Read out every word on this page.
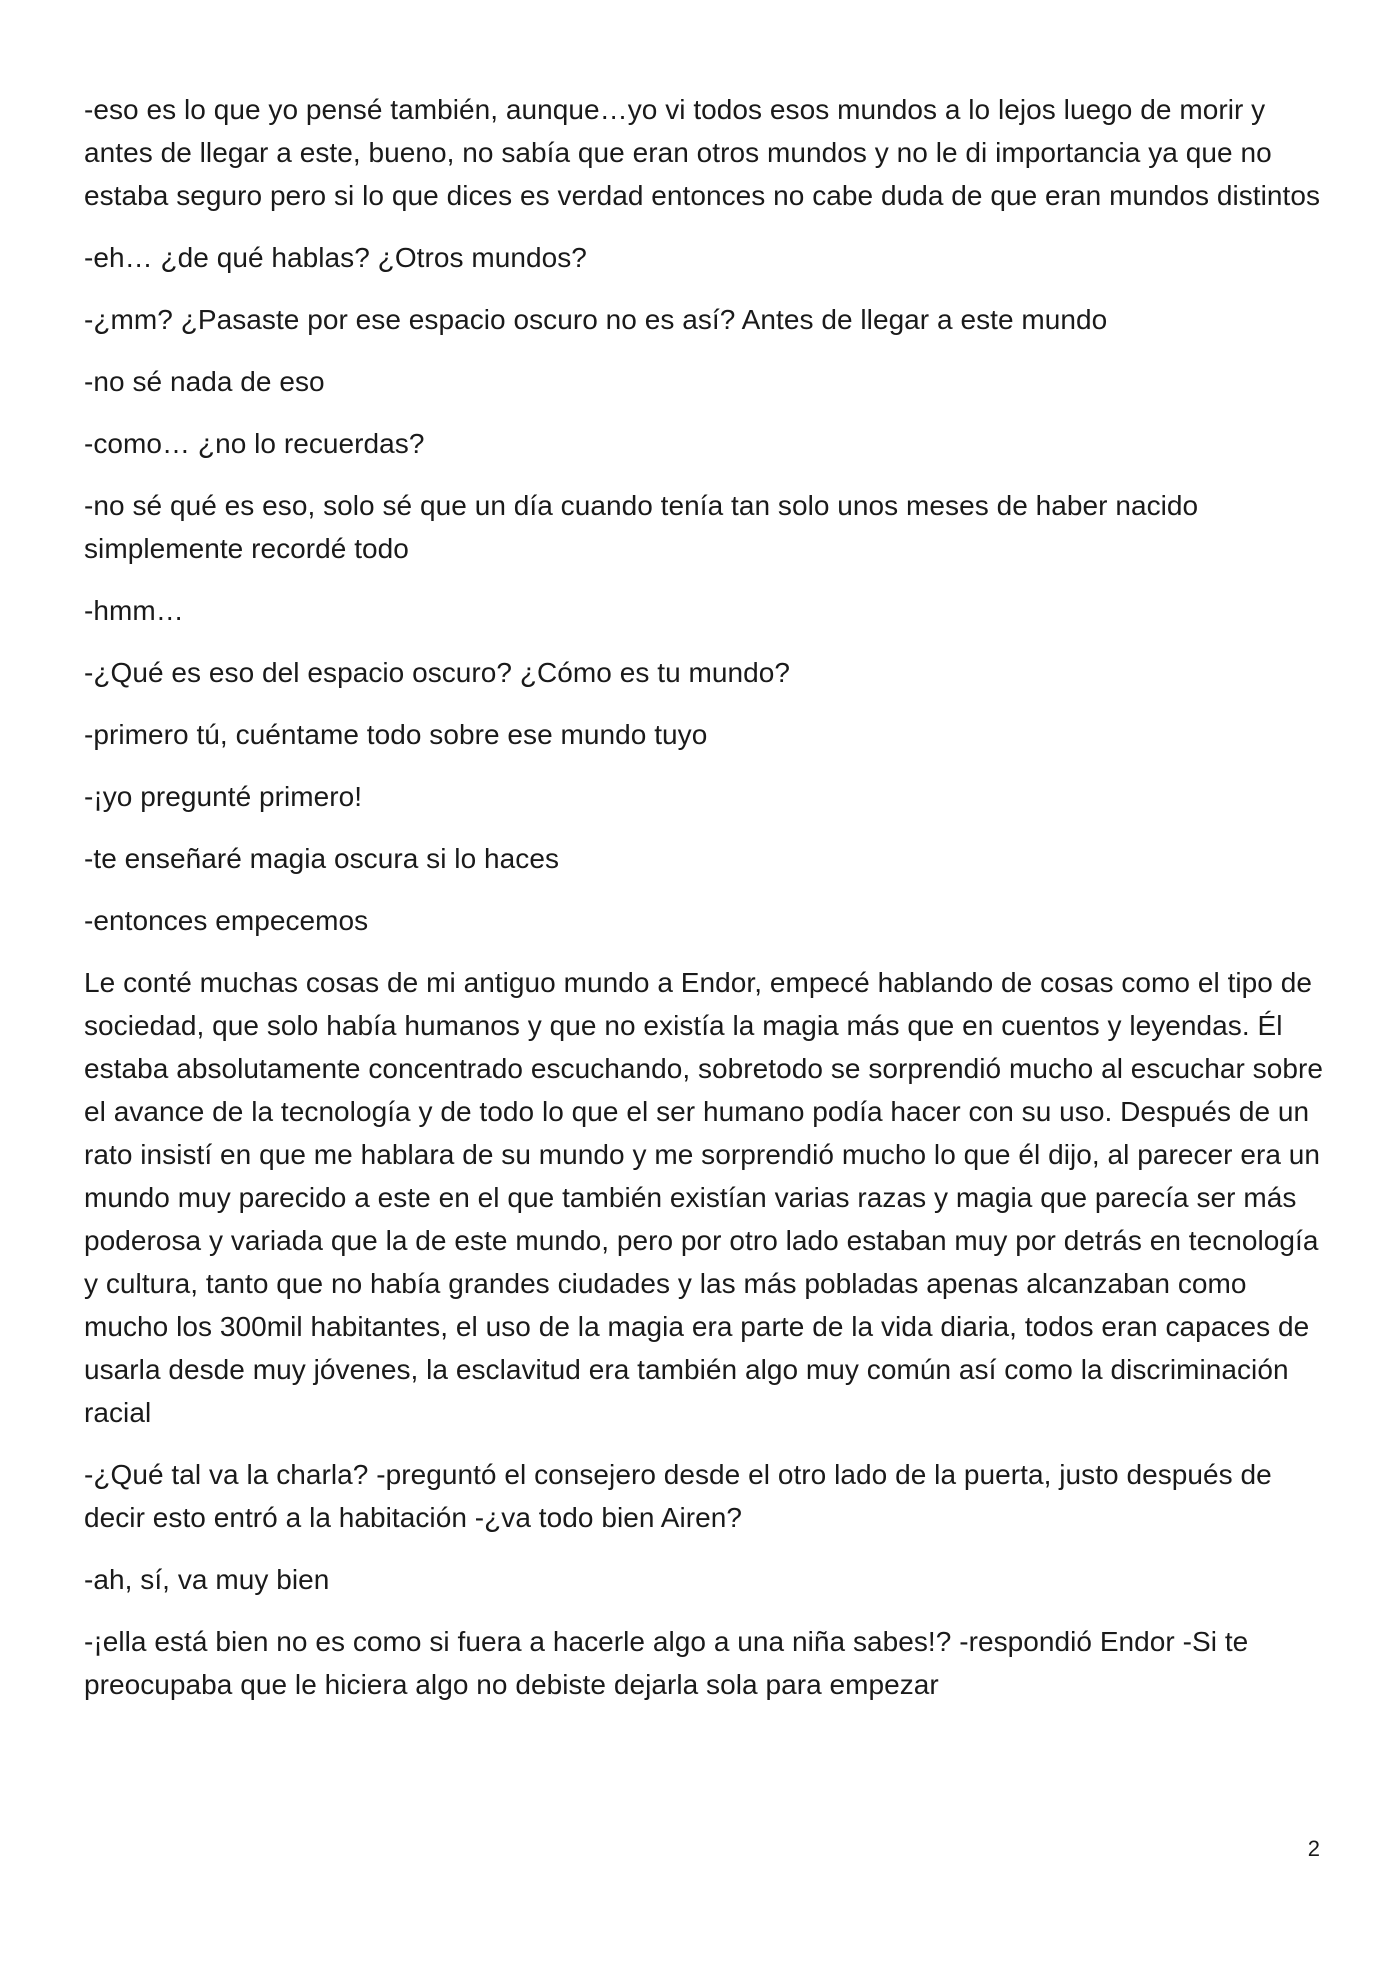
-eso es lo que yo pensé también, aunque…yo vi todos esos mundos a lo lejos luego de morir y antes de llegar a este, bueno, no sabía que eran otros mundos y no le di importancia ya que no estaba seguro pero si lo que dices es verdad entonces no cabe duda de que eran mundos distintos

-eh… ¿de qué hablas? ¿Otros mundos?

-¿mm? ¿Pasaste por ese espacio oscuro no es así? Antes de llegar a este mundo

-no sé nada de eso

-como… ¿no lo recuerdas?

-no sé qué es eso, solo sé que un día cuando tenía tan solo unos meses de haber nacido simplemente recordé todo

-hmm…

-¿Qué es eso del espacio oscuro? ¿Cómo es tu mundo?

-primero tú, cuéntame todo sobre ese mundo tuyo

-¡yo pregunté primero!

-te enseñaré magia oscura si lo haces

-entonces empecemos

Le conté muchas cosas de mi antiguo mundo a Endor, empecé hablando de cosas como el tipo de sociedad, que solo había humanos y que no existía la magia más que en cuentos y leyendas. Él estaba absolutamente concentrado escuchando, sobretodo se sorprendió mucho al escuchar sobre el avance de la tecnología y de todo lo que el ser humano podía hacer con su uso. Después de un rato insistí en que me hablara de su mundo y me sorprendió mucho lo que él dijo, al parecer era un mundo muy parecido a este en el que también existían varias razas y magia que parecía ser más poderosa y variada que la de este mundo, pero por otro lado estaban muy por detrás en tecnología y cultura, tanto que no había grandes ciudades y las más pobladas apenas alcanzaban como mucho los 300mil habitantes, el uso de la magia era parte de la vida diaria, todos eran capaces de usarla desde muy jóvenes, la esclavitud era también algo muy común así como la discriminación racial

-¿Qué tal va la charla? -preguntó el consejero desde el otro lado de la puerta, justo después de decir esto entró a la habitación -¿va todo bien Airen?

-ah, sí, va muy bien

-¡ella está bien no es como si fuera a hacerle algo a una niña sabes!? -respondió Endor -Si te preocupaba que le hiciera algo no debiste dejarla sola para empezar

2
